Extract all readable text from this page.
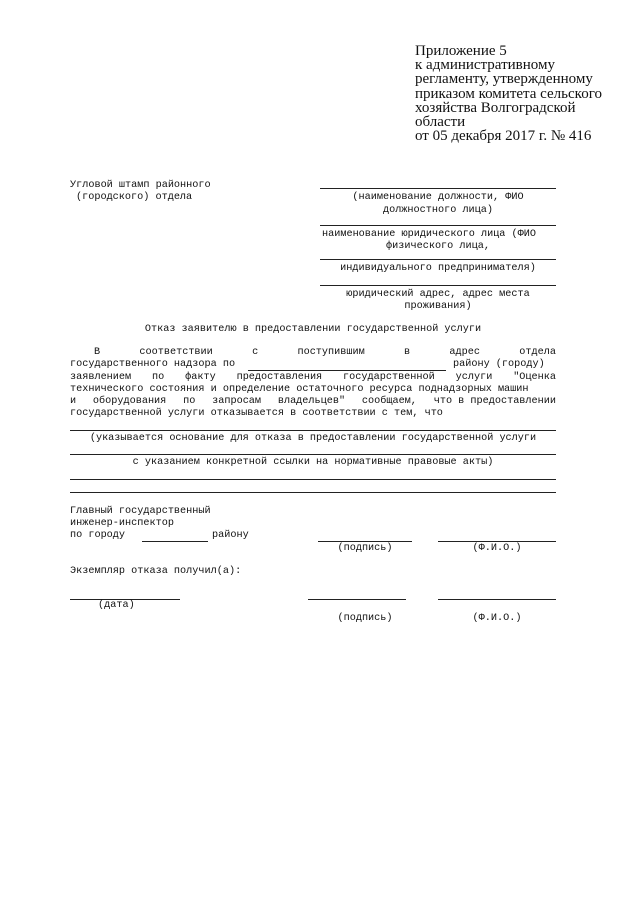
Приложение 5
к административному
регламенту, утвержденному
приказом комитета сельского
хозяйства Волгоградской
области
от 05 декабря 2017 г. № 416
Угловой штамп районного
(городского) отдела	(наименование должности, ФИО
должностного лица)
наименование юридического лица (ФИО
физического лица,
индивидуального предпринимателя)
юридический адрес, адрес места
проживания)
Отказ заявителю в предоставлении государственной услуги
В	соответствии	с	поступившим	в	адрес	отдела
государственного надзора по	району (городу)
заявлением по факту предоставления государственной услуги "Оценка
технического состояния и определение остаточного ресурса поднадзорных машин
и оборудования по запросам владельцев" сообщаем, что в предоставлении
государственной услуги отказывается в соответствии с тем, что
(указывается основание для отказа в предоставлении государственной услуги
с указанием конкретной ссылки на нормативные правовые акты)
Главный государственный
инженер-инспектор
по городу	району
(подпись)	(Ф.И.О.)
Экземпляр отказа получил(а):
(дата)
(подпись)	(Ф.И.О.)
